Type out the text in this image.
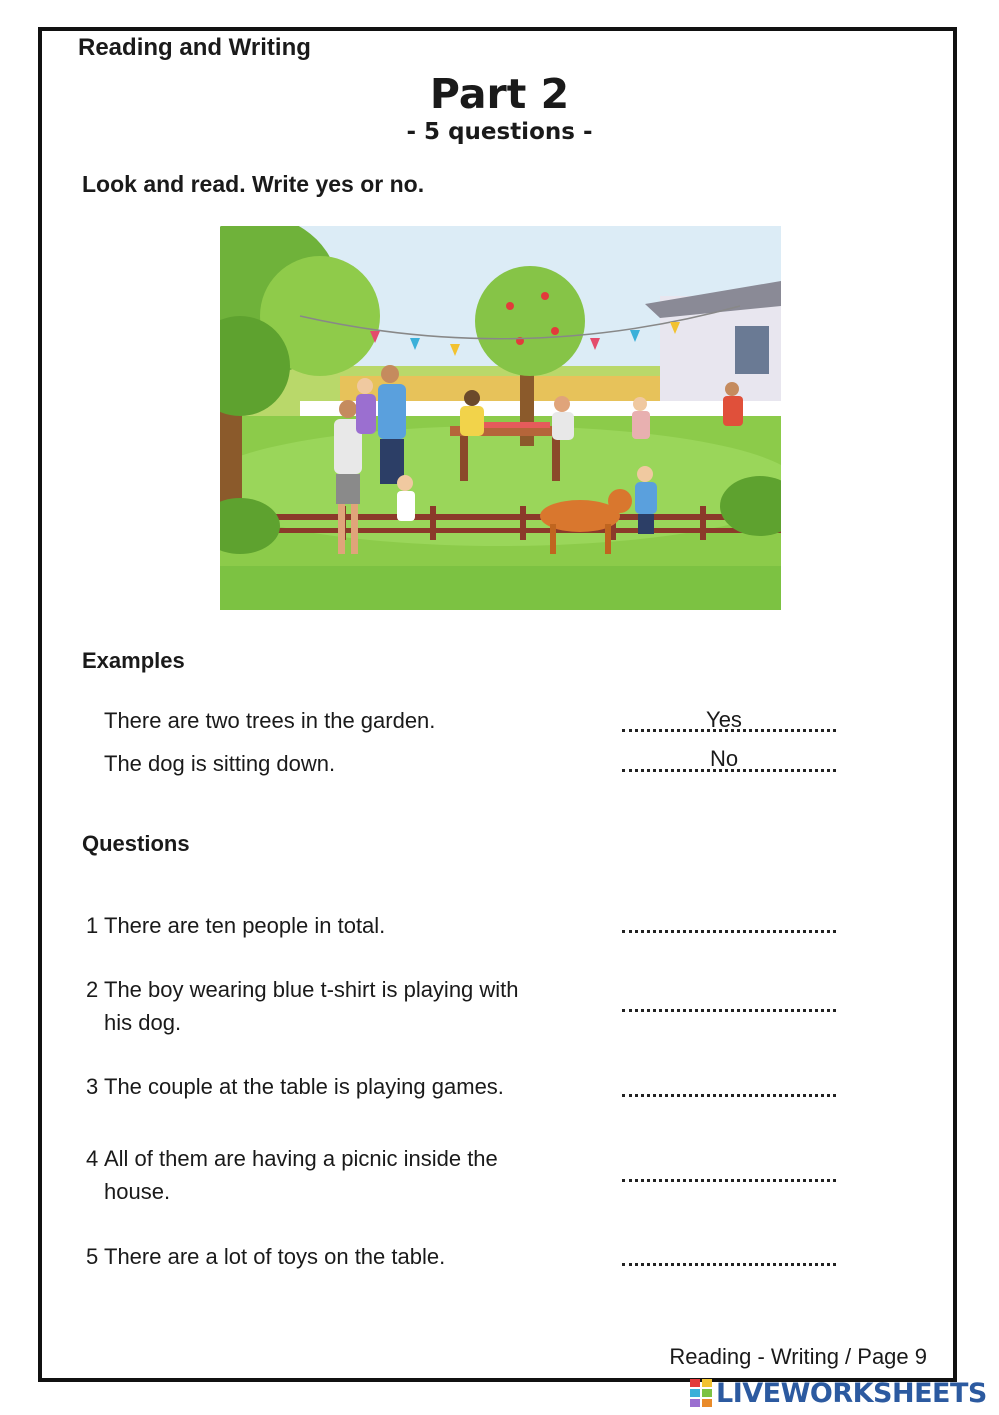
Reading and Writing
Part 2
- 5 questions -
Look and read. Write yes or no.
Examples
There are two trees in the garden.	Yes
The dog is sitting down.	No
Questions
1 There are ten people in total.
2 The boy wearing blue t-shirt is playing with
his dog.
3 The couple at the table is playing games.
4 All of them are having a picnic inside the
house.
5 There are a lot of toys on the table.
Reading - Writing / Page 9
LIVEWORKSHEETS
